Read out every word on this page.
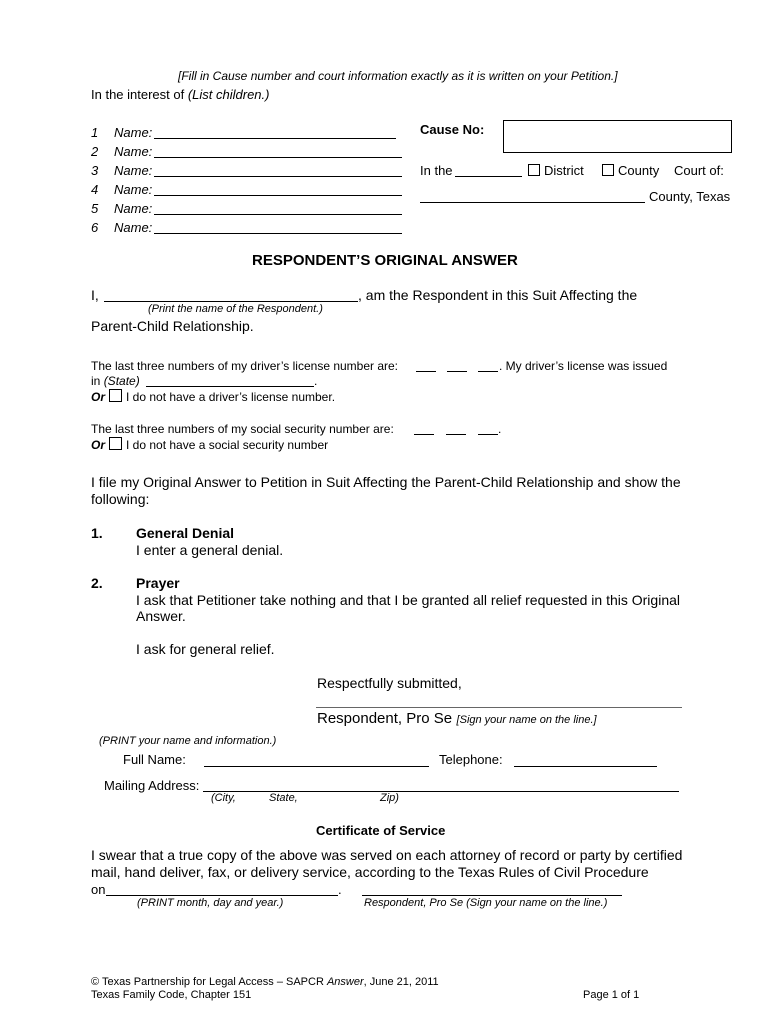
[Fill in Cause number and court information exactly as it is written on your Petition.]
In the interest of (List children.)
1 Name:
2 Name:
3 Name:
4 Name:
5 Name:
6 Name:
Cause No:
In the	District	County Court of:
County, Texas
RESPONDENT’S ORIGINAL ANSWER
I,	, am the Respondent in this Suit Affecting the
(Print the name of the Respondent.)
Parent-Child Relationship.
The last three numbers of my driver’s license number are:	. My driver’s license was issued
in (State)	.
Or I do not have a driver’s license number.
The last three numbers of my social security number are:	.
Or I do not have a social security number
I file my Original Answer to Petition in Suit Affecting the Parent-Child Relationship and show the
following:
1. General Denial
I enter a general denial.
2. Prayer
I ask that Petitioner take nothing and that I be granted all relief requested in this Original
Answer.
I ask for general relief.
Respectfully submitted,
Respondent, Pro Se [Sign your name on the line.]
(PRINT your name and information.)
Full Name:	Telephone:
Mailing Address:
(City,	State,	Zip)
Certificate of Service
I swear that a true copy of the above was served on each attorney of record or party by certified
mail, hand deliver, fax, or delivery service, according to the Texas Rules of Civil Procedure
on	.
(PRINT month, day and year.)	Respondent, Pro Se (Sign your name on the line.)
© Texas Partnership for Legal Access – SAPCR Answer, June 21, 2011
Texas Family Code, Chapter 151	Page 1 of 1
